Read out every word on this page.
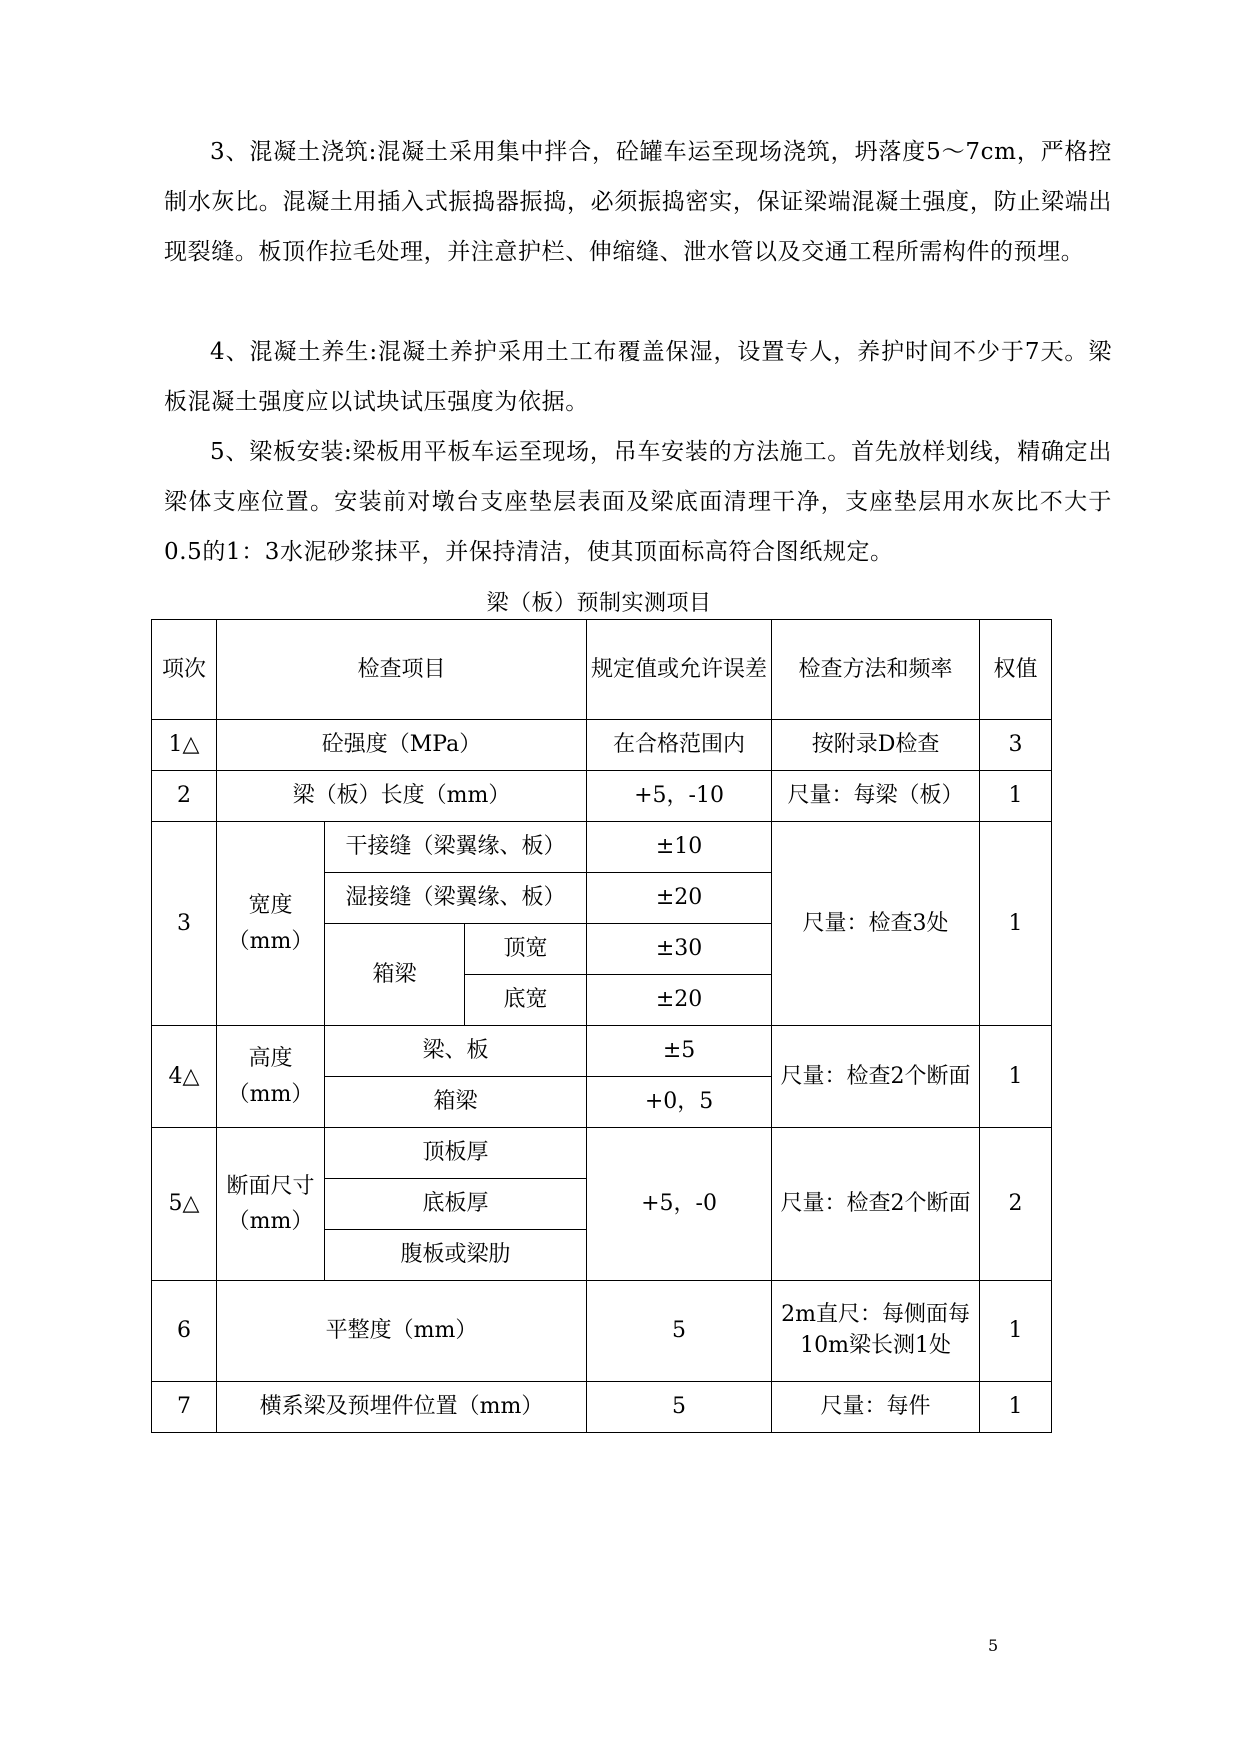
3、混凝土浇筑:混凝土采用集中拌合，砼罐车运至现场浇筑，坍落度5～7cm，严格控制水灰比。混凝土用插入式振捣器振捣，必须振捣密实，保证梁端混凝土强度，防止梁端出现裂缝。板顶作拉毛处理，并注意护栏、伸缩缝、泄水管以及交通工程所需构件的预埋。
4、混凝土养生:混凝土养护采用土工布覆盖保湿，设置专人，养护时间不少于7天。梁板混凝土强度应以试块试压强度为依据。
5、梁板安装:梁板用平板车运至现场，吊车安装的方法施工。首先放样划线，精确定出梁体支座位置。安装前对墩台支座垫层表面及梁底面清理干净，支座垫层用水灰比不大于0.5的1：3水泥砂浆抹平，并保持清洁，使其顶面标高符合图纸规定。
梁（板）预制实测项目
项次	检查项目			规定值或允许误差	检查方法和频率	权值
1△	砼强度（MPa）			在合格范围内	按附录D检查	3
2	梁（板）长度（mm）			+5，-10	尺量：每梁（板）	1
3	宽度（mm）	干接缝（梁翼缘、板）		±10	尺量：检查3处	1
		湿接缝（梁翼缘、板）		±20		
		箱梁	顶宽	±30		
			底宽	±20		
4△	高度（mm）	梁、板		±5	尺量：检查2个断面	1
		箱梁		+0，5		
5△	断面尺寸（mm）	顶板厚		+5，-0	尺量：检查2个断面	2
		底板厚				
		腹板或梁肋				
6	平整度（mm）			5	2m直尺：每侧面每10m梁长测1处	1
7	横系梁及预埋件位置（mm）			5	尺量：每件	1
5
